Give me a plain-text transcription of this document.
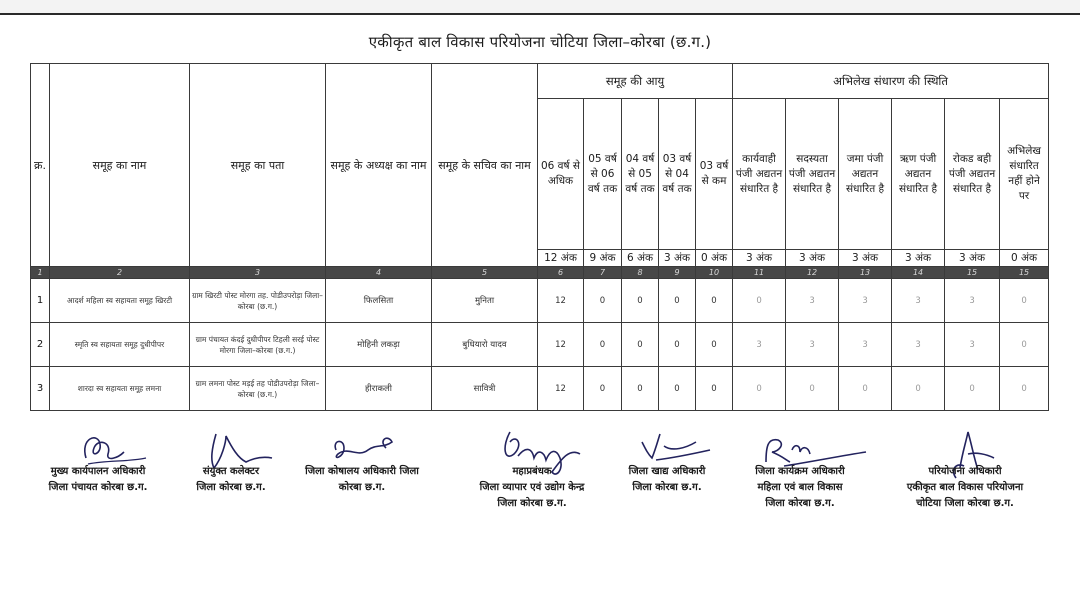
एकीकृत बाल विकास परियोजना चोटिया जिला–कोरबा (छ.ग.)
क्र.	समूह का नाम	समूह का पता	समूह के अध्यक्ष का नाम	समूह के सचिव का नाम	समूह की आयु					अभिलेख संधारण की स्थिति					
					06 वर्ष से अधिक	05 वर्ष से 06 वर्ष तक	04 वर्ष से 05 वर्ष तक	03 वर्ष से 04 वर्ष तक	03 वर्ष से कम	कार्यवाही पंजी अद्यतन संधारित है	सदस्यता पंजी अद्यतन संधारित है	जमा पंजी अद्यतन संधारित है	ऋण पंजी अद्यतन संधारित है	रोकड बही पंजी अद्यतन संधारित है	अभिलेख संधारित नहीं होने पर
					12 अंक	9 अंक	6 अंक	3 अंक	0 अंक	3 अंक	3 अंक	3 अंक	3 अंक	3 अंक	0 अंक
1	2	3	4	5	6	7	8	9	10	11	12	13	14	15	15
1	आदर्श महिला स्व सहायता समूह खिरटी	ग्राम खिरटी पोस्ट मोरगा तह. पोडीउपरोड़ा जिला–कोरबा (छ.ग.)	फिलसिता	मुनिता	12	0	0	0	0	0	3	3	3	3	0
2	स्मृति स्व सहायता समूह दुधीपीपर	ग्राम पंचायत कंदई दुधीपीपर टिहली सरई पोस्ट मोरगा जिला–कोरबा (छ.ग.)	मोहिनी लकड़ा	बुधियारो यादव	12	0	0	0	0	3	3	3	3	3	0
3	शारदा स्व सहायता समूह लमना	ग्राम लमना पोस्ट मड़ई तह पोडीउपरोड़ा जिला–कोरबा (छ.ग.)	हीराकली	सावित्री	12	0	0	0	0	0	0	0	0	0	0
मुख्य कार्यपालन अधिकारी
जिला पंचायत कोरबा छ.ग.
संयुक्त कलेक्टर
जिला कोरबा छ.ग.
जिला कोषालय अधिकारी जिला
कोरबा छ.ग.
महाप्रबंधक
जिला व्यापार एवं उद्योग केन्द्र
जिला कोरबा छ.ग.
जिला खाद्य अधिकारी
जिला कोरबा छ.ग.
जिला कार्यक्रम अधिकारी
महिला एवं बाल विकास
जिला कोरबा छ.ग.
परियोजना अधिकारी
एकीकृत बाल विकास परियोजना
चोटिया जिला कोरबा छ.ग.
